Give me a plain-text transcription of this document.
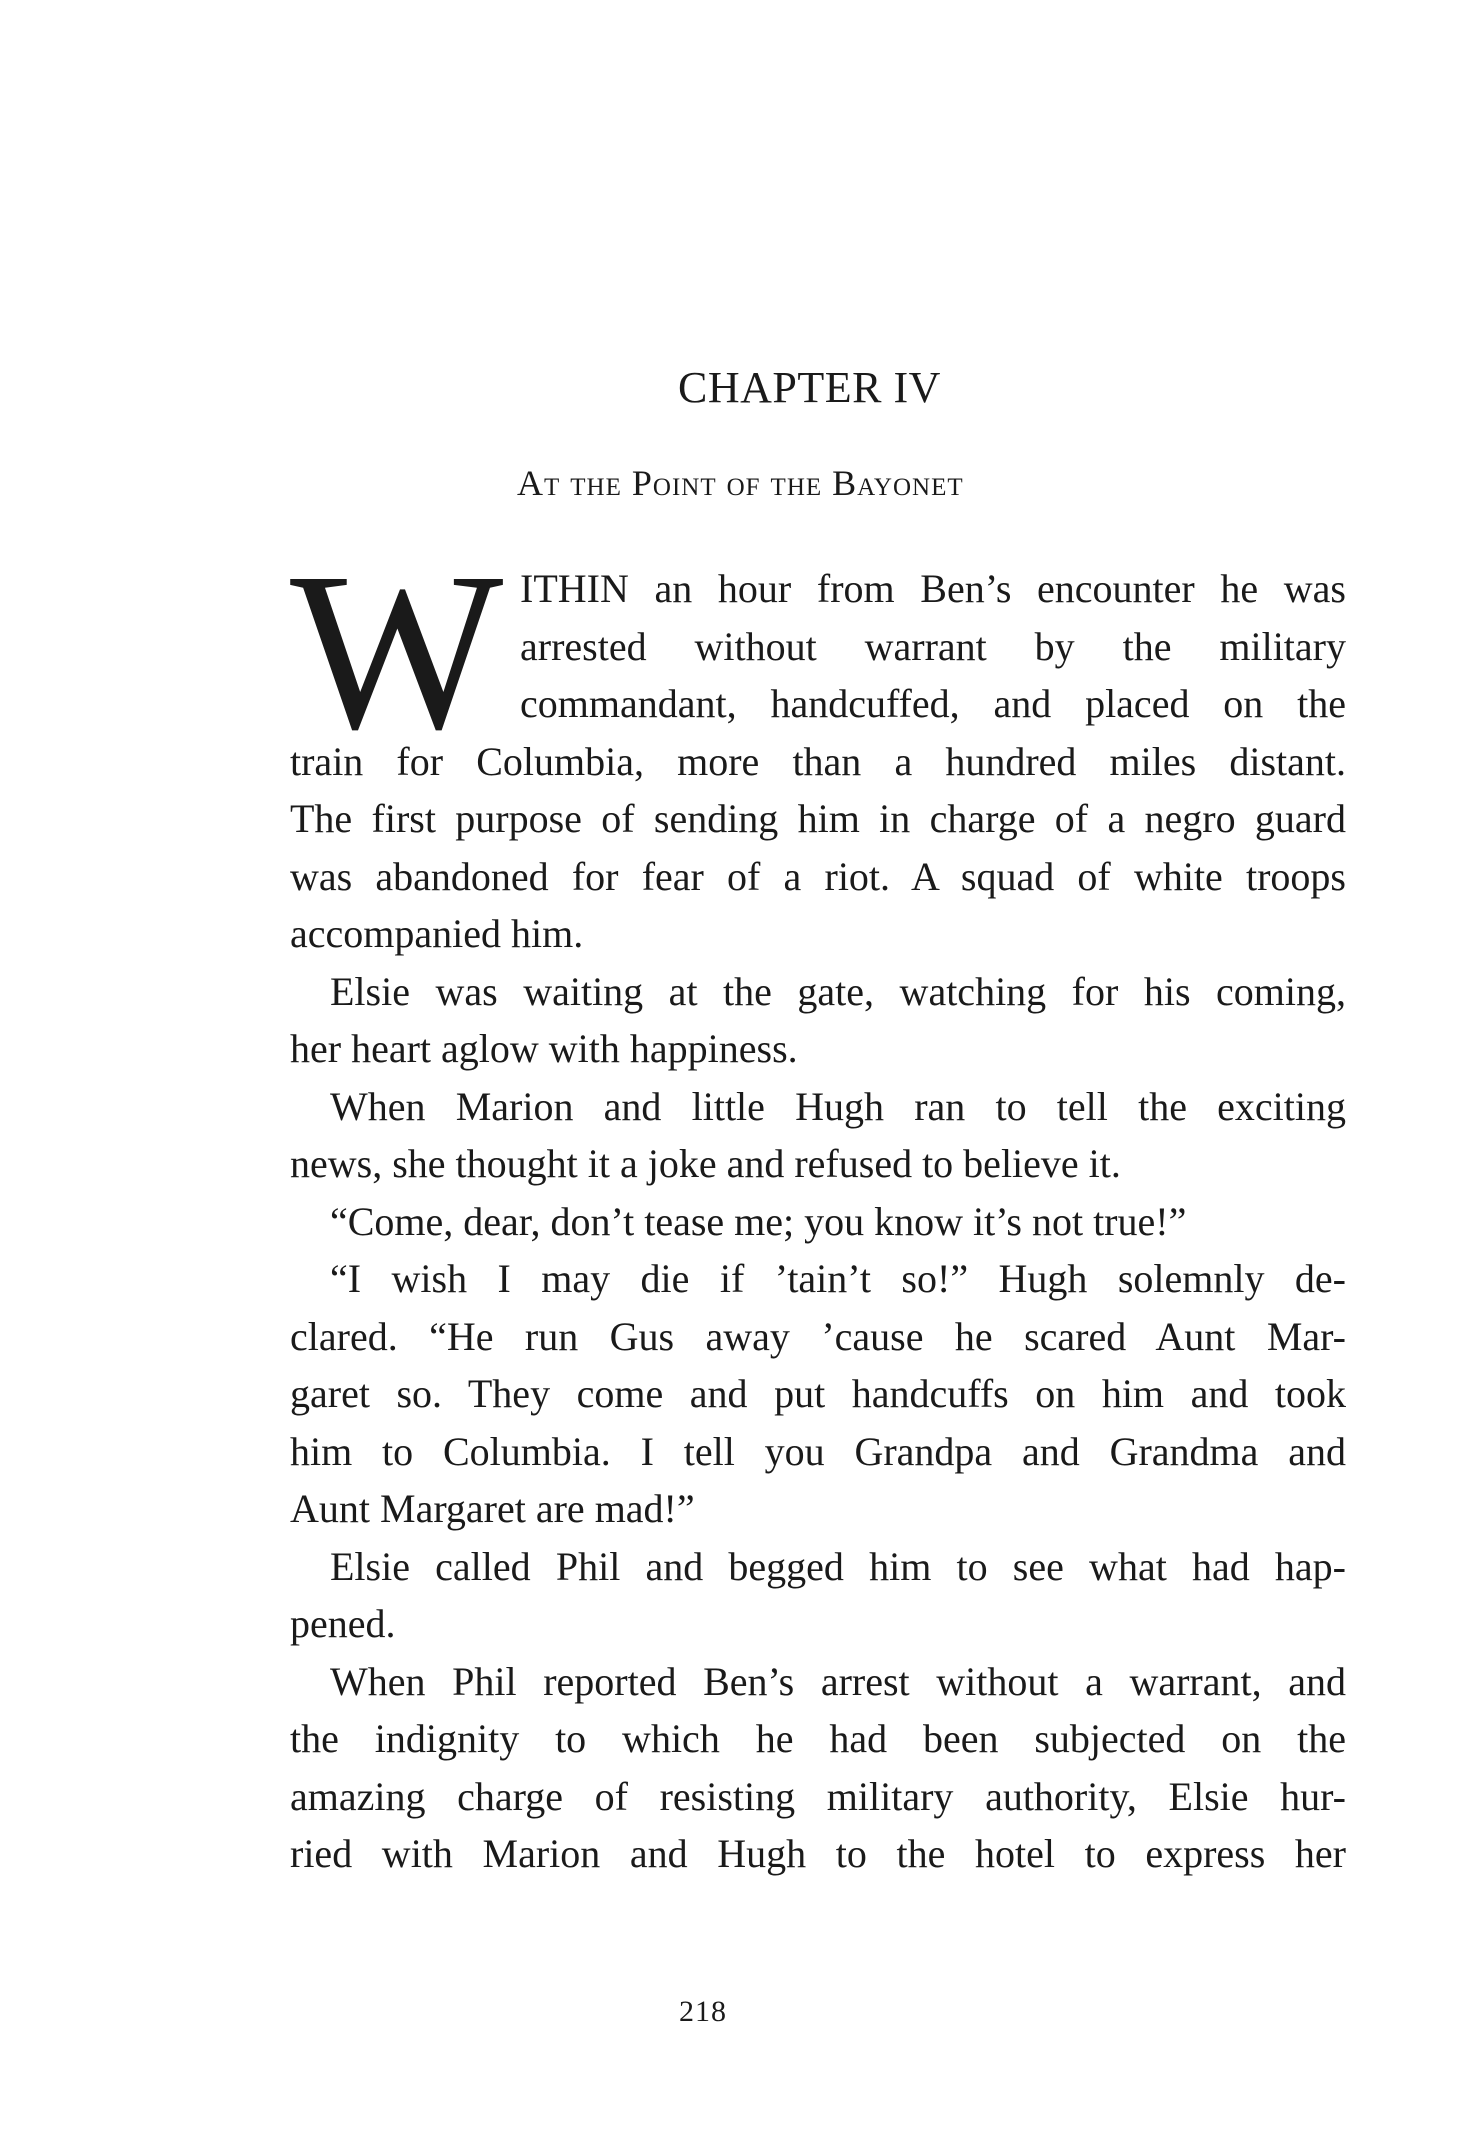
CHAPTER IV
At the Point of the Bayonet
W ITHIN an hour from Ben’s encounter he was
arrested without warrant by the military
commandant, handcuffed, and placed on the
train for Columbia, more than a hundred miles distant.
The first purpose of sending him in charge of a negro guard
was abandoned for fear of a riot. A squad of white troops
accompanied him.
Elsie was waiting at the gate, watching for his coming,
her heart aglow with happiness.
When Marion and little Hugh ran to tell the exciting
news, she thought it a joke and refused to believe it.
“Come, dear, don’t tease me; you know it’s not true!”
“I wish I may die if ’tain’t so!” Hugh solemnly de-
clared. “He run Gus away ’cause he scared Aunt Mar-
garet so. They come and put handcuffs on him and took
him to Columbia. I tell you Grandpa and Grandma and
Aunt Margaret are mad!”
Elsie called Phil and begged him to see what had hap-
pened.
When Phil reported Ben’s arrest without a warrant, and
the indignity to which he had been subjected on the
amazing charge of resisting military authority, Elsie hur-
ried with Marion and Hugh to the hotel to express her
218
